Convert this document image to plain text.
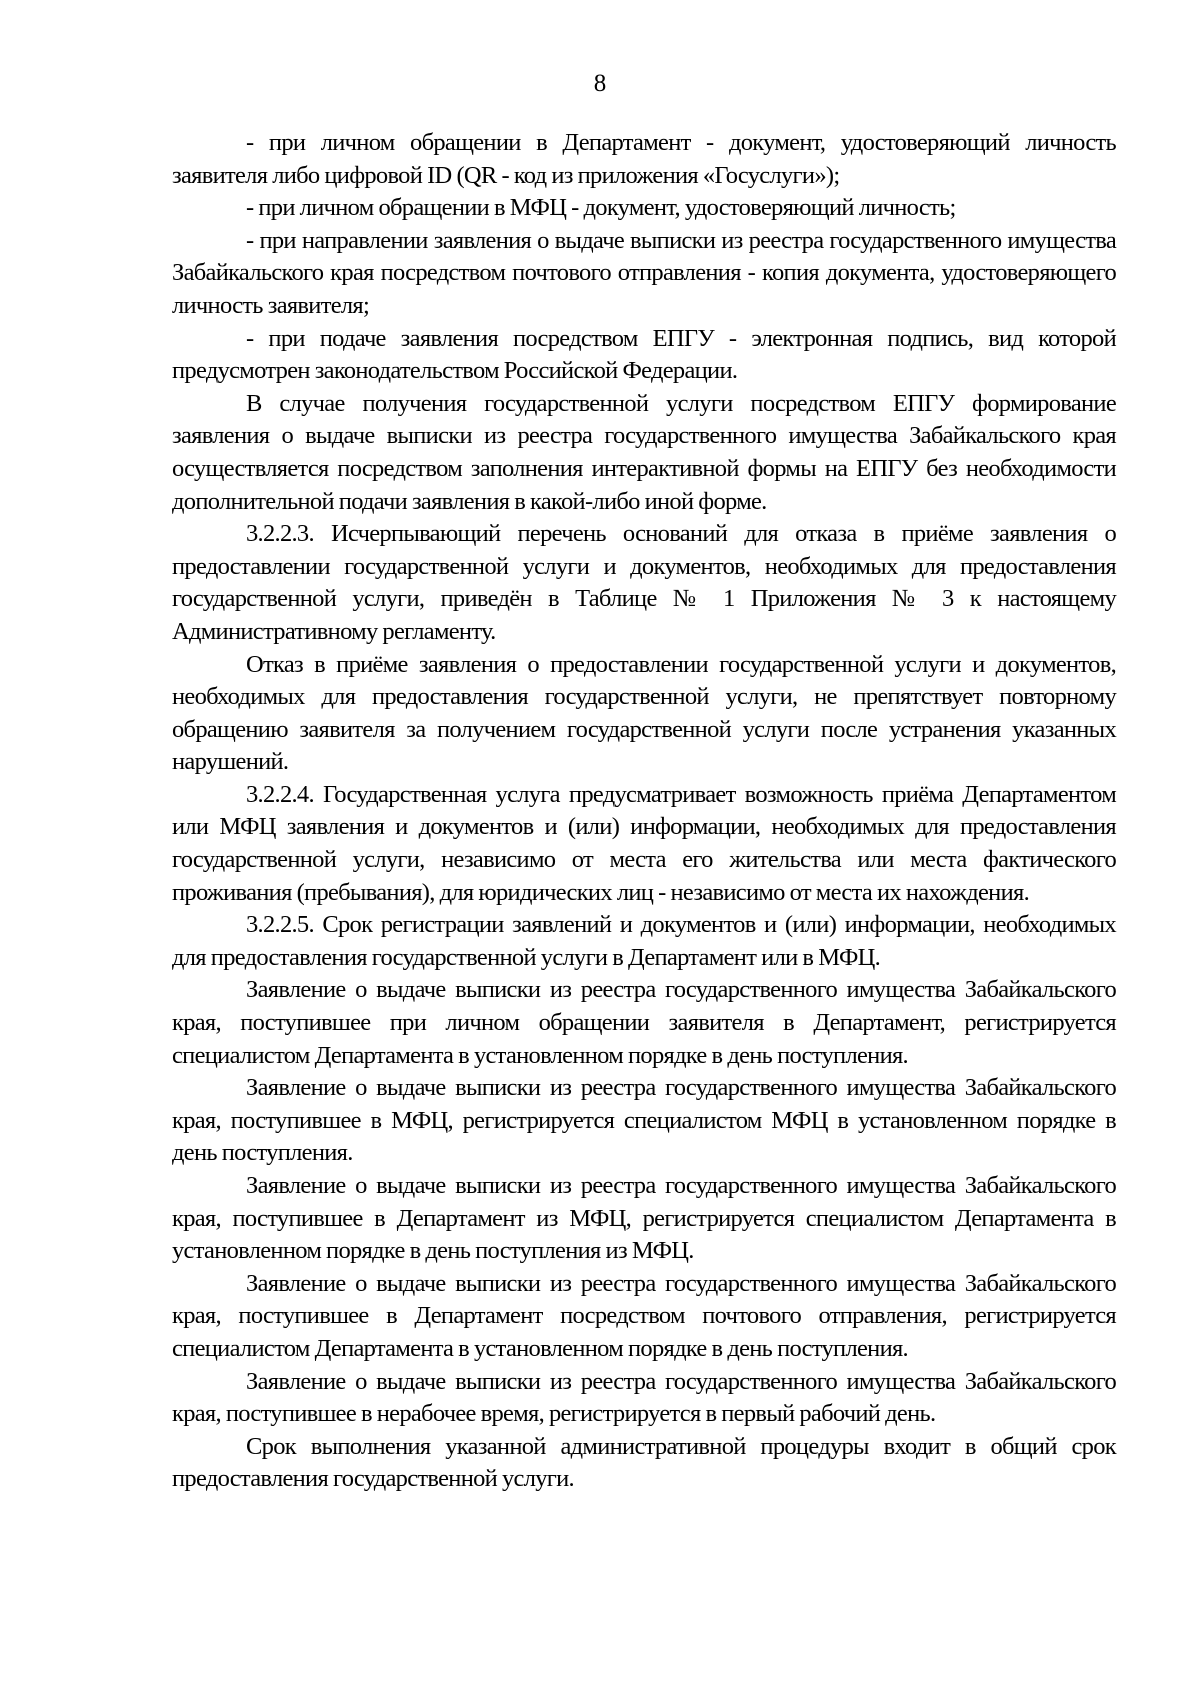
8

- при личном обращении в Департамент - документ, удостоверяющий личность заявителя либо цифровой ID (QR - код из приложения «Госуслуги»);

- при личном обращении в МФЦ - документ, удостоверяющий личность;

- при направлении заявления о выдаче выписки из реестра государственного имущества Забайкальского края посредством почтового отправления - копия документа, удостоверяющего личность заявителя;

- при подаче заявления посредством ЕПГУ - электронная подпись, вид которой предусмотрен законодательством Российской Федерации.

В случае получения государственной услуги посредством ЕПГУ формирование заявления о выдаче выписки из реестра государственного имущества Забайкальского края осуществляется посредством заполнения интерактивной формы на ЕПГУ без необходимости дополнительной подачи заявления в какой-либо иной форме.

3.2.2.3. Исчерпывающий перечень оснований для отказа в приёме заявления о предоставлении государственной услуги и документов, необходимых для предоставления государственной услуги, приведён в Таблице № 1 Приложения № 3 к настоящему Административному регламенту.

Отказ в приёме заявления о предоставлении государственной услуги и документов, необходимых для предоставления государственной услуги, не препятствует повторному обращению заявителя за получением государственной услуги после устранения указанных нарушений.

3.2.2.4. Государственная услуга предусматривает возможность приёма Департаментом или МФЦ заявления и документов и (или) информации, необходимых для предоставления государственной услуги, независимо от места его жительства или места фактического проживания (пребывания), для юридических лиц - независимо от места их нахождения.

3.2.2.5. Срок регистрации заявлений и документов и (или) информации, необходимых для предоставления государственной услуги в Департамент или в МФЦ.

Заявление о выдаче выписки из реестра государственного имущества Забайкальского края, поступившее при личном обращении заявителя в Департамент, регистрируется специалистом Департамента в установленном порядке в день поступления.

Заявление о выдаче выписки из реестра государственного имущества Забайкальского края, поступившее в МФЦ, регистрируется специалистом МФЦ в установленном порядке в день поступления.

Заявление о выдаче выписки из реестра государственного имущества Забайкальского края, поступившее в Департамент из МФЦ, регистрируется специалистом Департамента в установленном порядке в день поступления из МФЦ.

Заявление о выдаче выписки из реестра государственного имущества Забайкальского края, поступившее в Департамент посредством почтового отправления, регистрируется специалистом Департамента в установленном порядке в день поступления.

Заявление о выдаче выписки из реестра государственного имущества Забайкальского края, поступившее в нерабочее время, регистрируется в первый рабочий день.

Срок выполнения указанной административной процедуры входит в общий срок предоставления государственной услуги.
